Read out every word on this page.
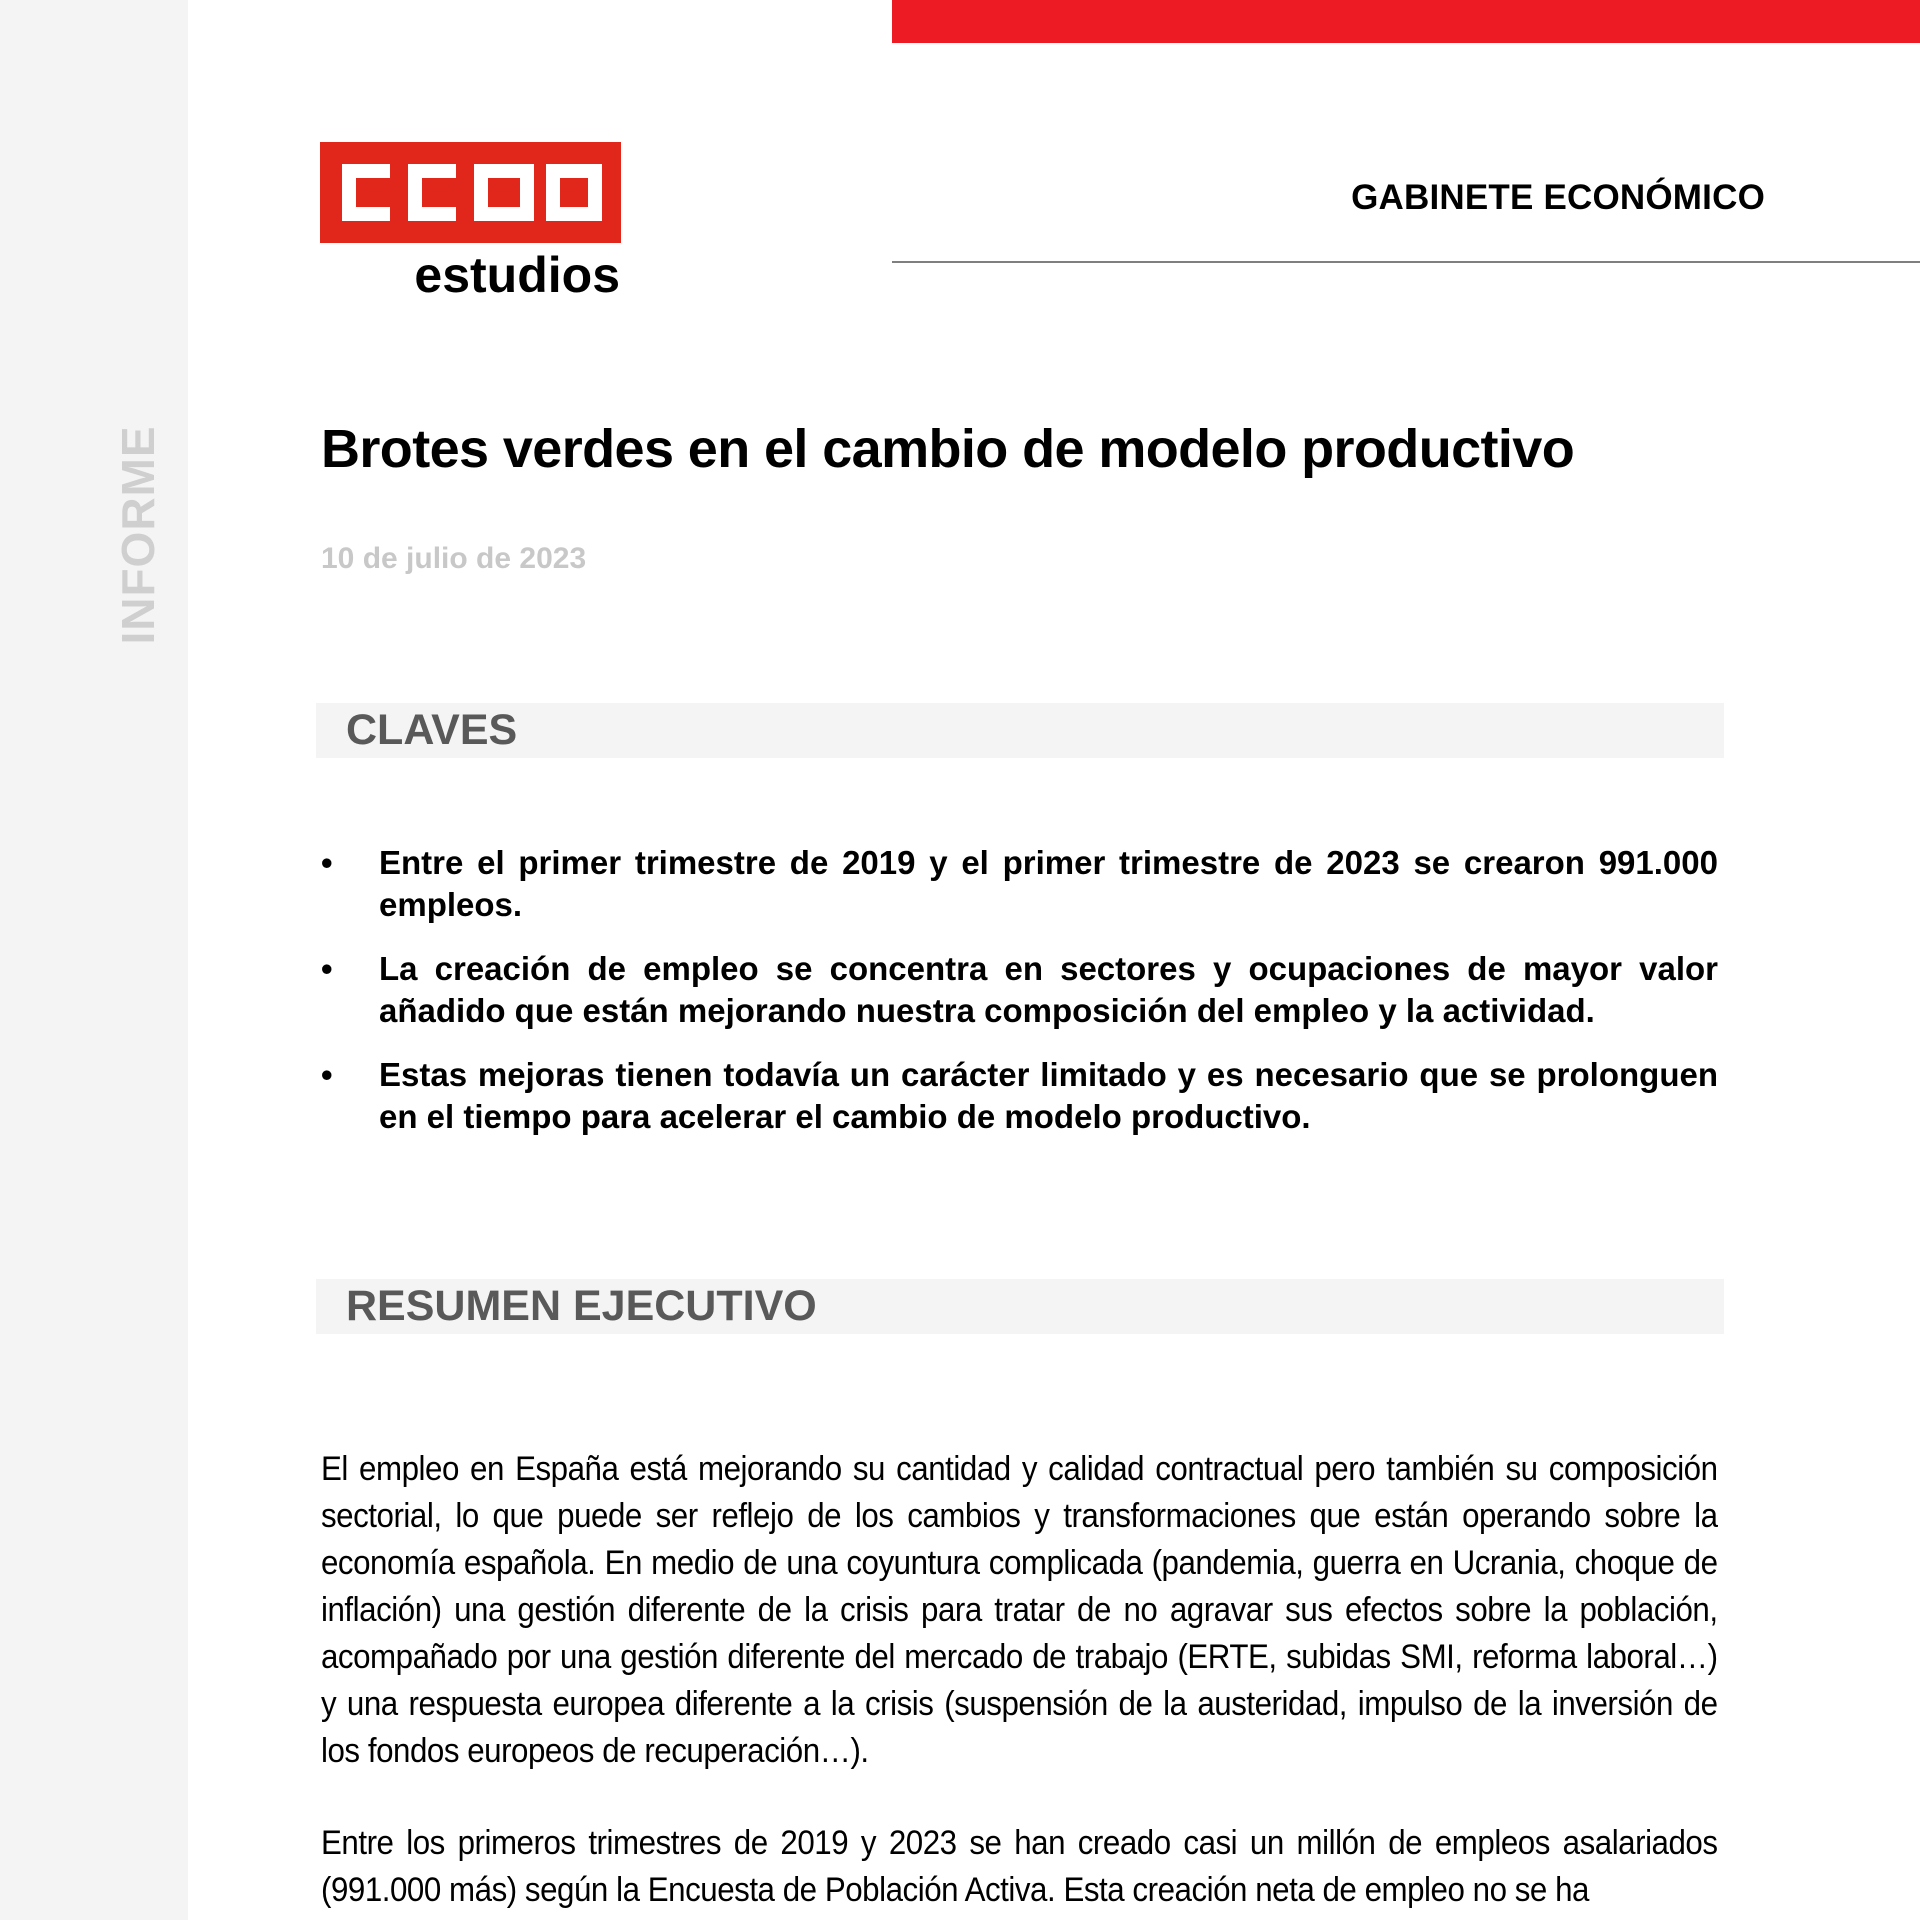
INFORME
GABINETE ECONÓMICO
estudios
Brotes verdes en el cambio de modelo productivo
10 de julio de 2023
CLAVES
• Entre el primer trimestre de 2019 y el primer trimestre de 2023 se crearon 991.000 empleos.
• La creación de empleo se concentra en sectores y ocupaciones de mayor valor añadido que están mejorando nuestra composición del empleo y la actividad.
• Estas mejoras tienen todavía un carácter limitado y es necesario que se prolonguen en el tiempo para acelerar el cambio de modelo productivo.
RESUMEN EJECUTIVO
El empleo en España está mejorando su cantidad y calidad contractual pero también su composición sectorial, lo que puede ser reflejo de los cambios y transformaciones que están operando sobre la economía española. En medio de una coyuntura complicada (pandemia, guerra en Ucrania, choque de inflación) una gestión diferente de la crisis para tratar de no agravar sus efectos sobre la población, acompañado por una gestión diferente del mercado de trabajo (ERTE, subidas SMI, reforma laboral…) y una respuesta europea diferente a la crisis (suspensión de la austeridad, impulso de la inversión de los fondos europeos de recuperación…).
Entre los primeros trimestres de 2019 y 2023 se han creado casi un millón de empleos asalariados (991.000 más) según la Encuesta de Población Activa. Esta creación neta de empleo no se ha
